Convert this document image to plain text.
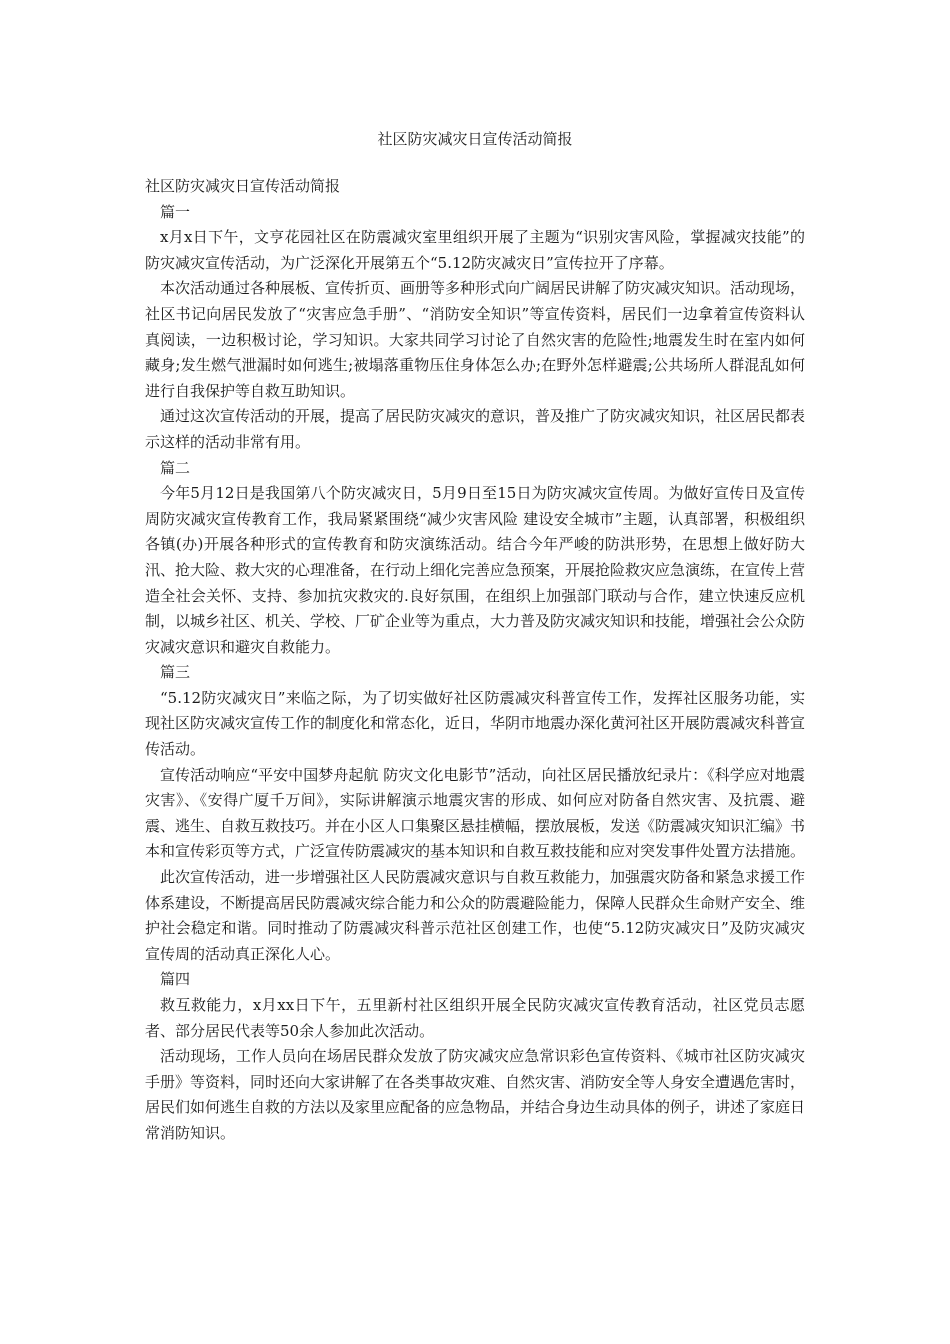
社区防灾减灾日宣传活动简报

社区防灾减灾日宣传活动简报

篇一

x月x日下午，文亨花园社区在防震减灾室里组织开展了主题为“识别灾害风险，掌握减灾技能”的防灾减灾宣传活动，为广泛深化开展第五个“5.12防灾减灾日”宣传拉开了序幕。

本次活动通过各种展板、宣传折页、画册等多种形式向广阔居民讲解了防灾减灾知识。活动现场，社区书记向居民发放了“灾害应急手册”、“消防安全知识”等宣传资料，居民们一边拿着宣传资料认真阅读，一边积极讨论，学习知识。大家共同学习讨论了自然灾害的危险性;地震发生时在室内如何藏身;发生燃气泄漏时如何逃生;被塌落重物压住身体怎么办;在野外怎样避震;公共场所人群混乱如何进行自我保护等自救互助知识。

通过这次宣传活动的开展，提高了居民防灾减灾的意识，普及推广了防灾减灾知识，社区居民都表示这样的活动非常有用。

篇二

今年5月12日是我国第八个防灾减灾日，5月9日至15日为防灾减灾宣传周。为做好宣传日及宣传周防灾减灾宣传教育工作，我局紧紧围绕“减少灾害风险 建设安全城市”主题，认真部署，积极组织各镇(办)开展各种形式的宣传教育和防灾演练活动。结合今年严峻的防洪形势，在思想上做好防大汛、抢大险、救大灾的心理准备，在行动上细化完善应急预案，开展抢险救灾应急演练，在宣传上营造全社会关怀、支持、参加抗灾救灾的.良好氛围，在组织上加强部门联动与合作，建立快速反应机制，以城乡社区、机关、学校、厂矿企业等为重点，大力普及防灾减灾知识和技能，增强社会公众防灾减灾意识和避灾自救能力。

篇三

“5.12防灾减灾日”来临之际，为了切实做好社区防震减灾科普宣传工作，发挥社区服务功能，实现社区防灾减灾宣传工作的制度化和常态化，近日，华阴市地震办深化黄河社区开展防震减灾科普宣传活动。

宣传活动响应“平安中国梦舟起航 防灾文化电影节”活动，向社区居民播放纪录片：《科学应对地震灾害》、《安得广厦千万间》，实际讲解演示地震灾害的形成、如何应对防备自然灾害、及抗震、避震、逃生、自救互救技巧。并在小区人口集聚区悬挂横幅，摆放展板，发送《防震减灾知识汇编》书本和宣传彩页等方式，广泛宣传防震减灾的基本知识和自救互救技能和应对突发事件处置方法措施。

此次宣传活动，进一步增强社区人民防震减灾意识与自救互救能力，加强震灾防备和紧急求援工作体系建设，不断提高居民防震减灾综合能力和公众的防震避险能力，保障人民群众生命财产安全、维护社会稳定和谐。同时推动了防震减灾科普示范社区创建工作，也使“5.12防灾减灾日”及防灾减灾宣传周的活动真正深化人心。

篇四

救互救能力，x月xx日下午，五里新村社区组织开展全民防灾减灾宣传教育活动，社区党员志愿者、部分居民代表等50余人参加此次活动。

活动现场，工作人员向在场居民群众发放了防灾减灾应急常识彩色宣传资料、《城市社区防灾减灾手册》等资料，同时还向大家讲解了在各类事故灾难、自然灾害、消防安全等人身安全遭遇危害时，居民们如何逃生自救的方法以及家里应配备的应急物品，并结合身边生动具体的例子，讲述了家庭日常消防知识。
